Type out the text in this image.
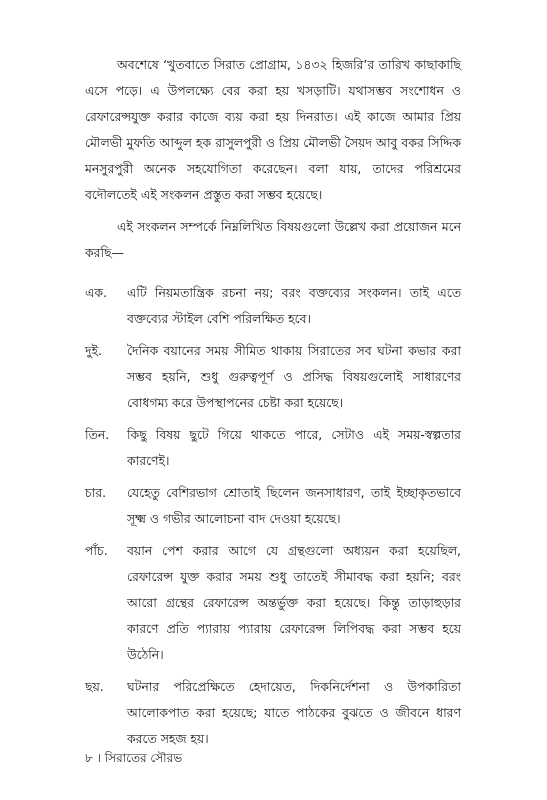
অবশেষে ‘খুতবাতে সিরাত প্রোগ্রাম, ১৪৩২ হিজরি’র তারিখ কাছাকাছি এসে পড়ে। এ উপলক্ষ্যে বের করা হয় খসড়াটি। যথাসম্ভব সংশোধন ও রেফারেন্সযুক্ত করার কাজে ব্যয় করা হয় দিনরাত। এই কাজে আমার প্রিয় মৌলভী মুফতি আব্দুল হক রাসুলপুরী ও প্রিয় মৌলভী সৈয়দ আবু বকর সিদ্দিক মনসুরপুরী অনেক সহযোগিতা করেছেন। বলা যায়, তাদের পরিশ্রমের বদৌলতেই এই সংকলন প্রস্তুত করা সম্ভব হয়েছে।

এই সংকলন সম্পর্কে নিম্নলিখিত বিষয়গুলো উল্লেখ করা প্রয়োজন মনে করছি—

এক.	এটি নিয়মতান্ত্রিক রচনা নয়; বরং বক্তব্যের সংকলন। তাই এতে বক্তব্যের স্টাইল বেশি পরিলক্ষিত হবে।
দুই.	দৈনিক বয়ানের সময় সীমিত থাকায় সিরাতের সব ঘটনা কভার করা সম্ভব হয়নি, শুধু গুরুত্বপূর্ণ ও প্রসিদ্ধ বিষয়গুলোই সাধারণের বোধগম্য করে উপস্থাপনের চেষ্টা করা হয়েছে।
তিন.	কিছু বিষয় ছুটে গিয়ে থাকতে পারে, সেটাও এই সময়-স্বল্পতার কারণেই।
চার.	যেহেতু বেশিরভাগ শ্রোতাই ছিলেন জনসাধারণ, তাই ইচ্ছাকৃতভাবে সূক্ষ্ম ও গভীর আলোচনা বাদ দেওয়া হয়েছে।
পাঁচ.	বয়ান পেশ করার আগে যে গ্রন্থগুলো অধ্যয়ন করা হয়েছিল, রেফারেন্স যুক্ত করার সময় শুধু তাতেই সীমাবদ্ধ করা হয়নি; বরং আরো গ্রন্থের রেফারেন্স অন্তর্ভুক্ত করা হয়েছে। কিন্তু তাড়াহুড়ার কারণে প্রতি প্যারায় প্যারায় রেফারেন্স লিপিবদ্ধ করা সম্ভব হয়ে উঠেনি।
ছয়.	ঘটনার পরিপ্রেক্ষিতে হেদায়েত, দিকনির্দেশনা ও উপকারিতা আলোকপাত করা হয়েছে; যাতে পাঠকের বুঝতে ও জীবনে ধারণ করতে সহজ হয়।
৮ । সিরাতের সৌরভ
